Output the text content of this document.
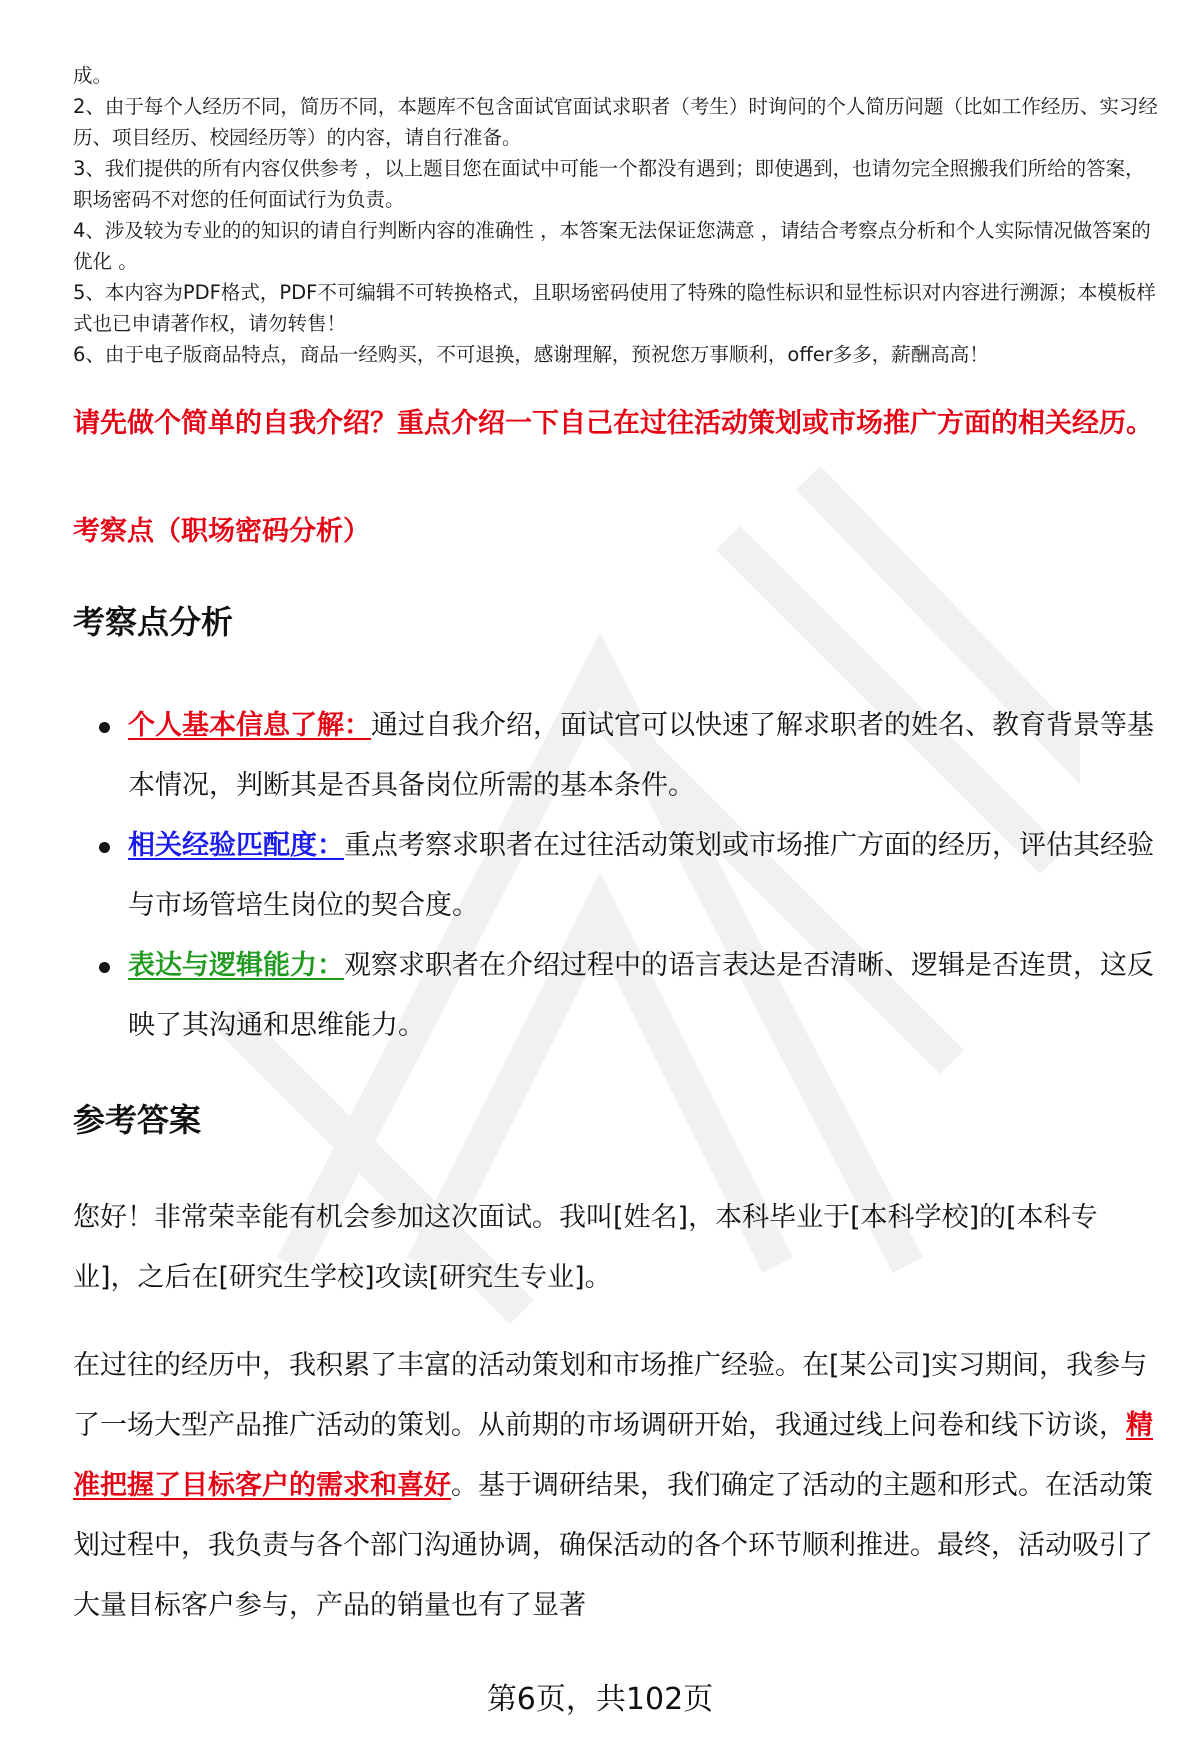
成。

2、由于每个人经历不同，简历不同，本题库不包含面试官面试求职者（考生）时询问的个人简历问题（比如工作经历、实习经历、项目经历、校园经历等）的内容，请自行准备。

3、我们提供的所有内容仅供参考 ，以上题目您在面试中可能一个都没有遇到；即使遇到，也请勿完全照搬我们所给的答案，职场密码不对您的任何面试行为负责。

4、涉及较为专业的的知识的请自行判断内容的准确性 ，本答案无法保证您满意 ，请结合考察点分析和个人实际情况做答案的优化 。

5、本内容为PDF格式，PDF不可编辑不可转换格式，且职场密码使用了特殊的隐性标识和显性标识对内容进行溯源；本模板样式也已申请著作权，请勿转售！

6、由于电子版商品特点，商品一经购买，不可退换，感谢理解，预祝您万事顺利，offer多多，薪酬高高！

请先做个简单的自我介绍？重点介绍一下自己在过往活动策划或市场推广方面的相关经历。
考察点（职场密码分析）
考察点分析
个人基本信息了解：通过自我介绍，面试官可以快速了解求职者的姓名、教育背景等基本情况，判断其是否具备岗位所需的基本条件。
相关经验匹配度：重点考察求职者在过往活动策划或市场推广方面的经历，评估其经验与市场管培生岗位的契合度。
表达与逻辑能力：观察求职者在介绍过程中的语言表达是否清晰、逻辑是否连贯，这反映了其沟通和思维能力。
参考答案

您好！非常荣幸能有机会参加这次面试。我叫[姓名]，本科毕业于[本科学校]的[本科专业]，之后在[研究生学校]攻读[研究生专业]。

在过往的经历中，我积累了丰富的活动策划和市场推广经验。在[某公司]实习期间，我参与了一场大型产品推广活动的策划。从前期的市场调研开始，我通过线上问卷和线下访谈，精准把握了目标客户的需求和喜好。基于调研结果，我们确定了活动的主题和形式。在活动策划过程中，我负责与各个部门沟通协调，确保活动的各个环节顺利推进。最终，活动吸引了大量目标客户参与，产品的销量也有了显著

第6页，共102页
